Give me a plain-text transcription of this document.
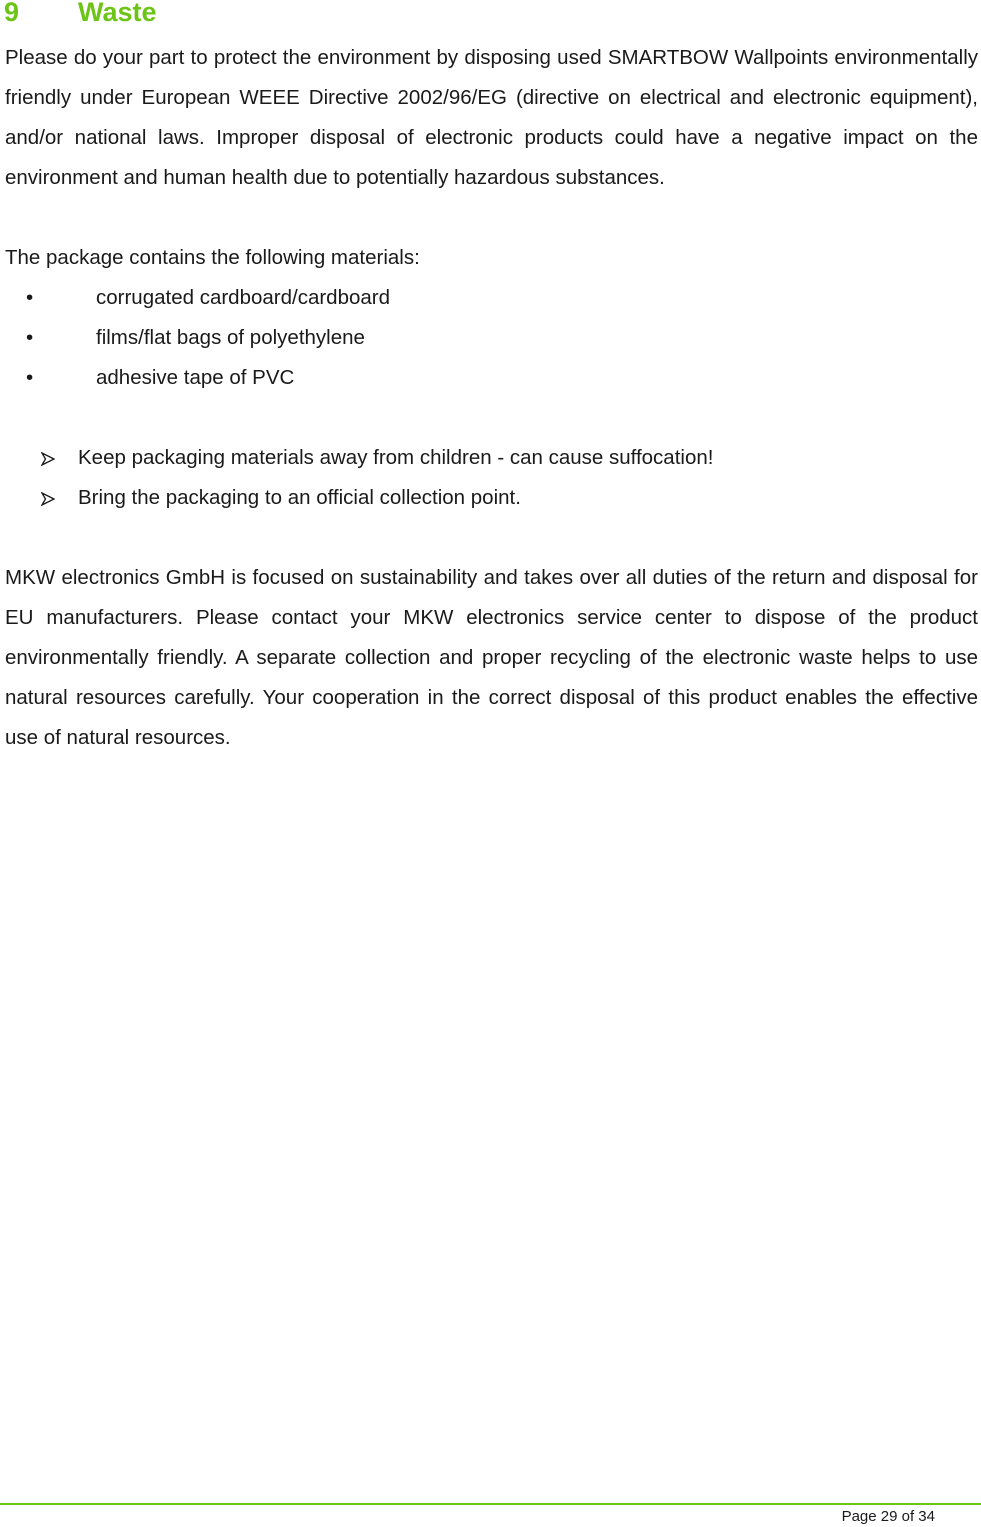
9 Waste

Please do your part to protect the environment by disposing used SMARTBOW Wallpoints environmentally friendly under European WEEE Directive 2002/96/EG (directive on electrical and electronic equipment), and/or national laws. Improper disposal of electronic products could have a negative impact on the environment and human health due to potentially hazardous substances.

The package contains the following materials:

•	corrugated cardboard/cardboard
•	films/flat bags of polyethylene
•	adhesive tape of PVC
Keep packaging materials away from children - can cause suffocation!
Bring the packaging to an official collection point.

MKW electronics GmbH is focused on sustainability and takes over all duties of the return and disposal for EU manufacturers. Please contact your MKW electronics service center to dispose of the product environmentally friendly. A separate collection and proper recycling of the electronic waste helps to use natural resources carefully. Your cooperation in the correct disposal of this product enables the effective use of natural resources.

Page 29 of 34
